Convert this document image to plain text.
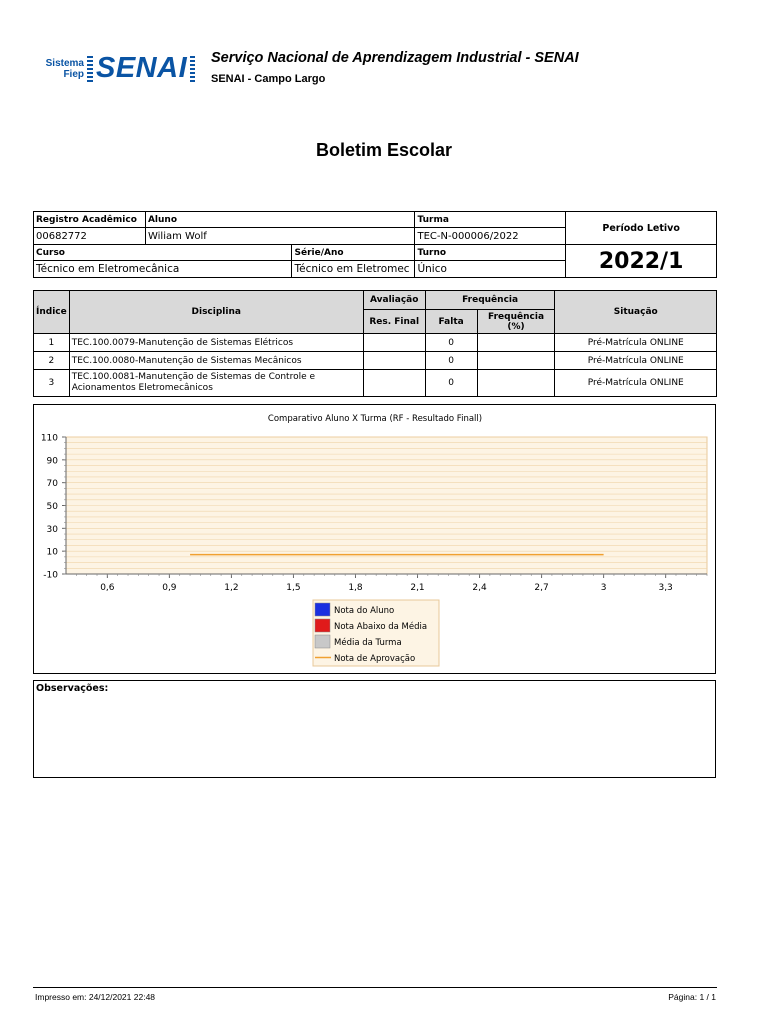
Sistema
Fiep SENAI Serviço Nacional de Aprendizagem Industrial - SENAI
SENAI - Campo Largo
Boletim Escolar
Registro Acadêmico	Aluno		Turma	Período Letivo
00682772	Wiliam Wolf		TEC-N-000006/2022	
Curso		Série/Ano	Turno	2022/1
Técnico em Eletromecânica		Técnico em Eletromec	Único	
Índice	Disciplina	Avaliação	Frequência		Situação
		Res. Final	Falta	Frequência (%)	
1	TEC.100.0079-Manutenção de Sistemas Elétricos		0		Pré-Matrícula ONLINE
2	TEC.100.0080-Manutenção de Sistemas Mecânicos		0		Pré-Matrícula ONLINE
3	TEC.100.0081-Manutenção de Sistemas de Controle e
Acionamentos Eletromecânicos		0		Pré-Matrícula ONLINE
Comparativo Aluno X Turma (RF - Resultado Finall)
-10
10
30
50
70
90
110
0,6	0,9	1,2	1,5	1,8	2,1	2,4	2,7	3	3,3
Nota do Aluno
Nota Abaixo da Média
Média da Turma
Nota de Aprovação
Observações:
Impresso em: 24/12/2021 22:48	Página: 1 / 1
